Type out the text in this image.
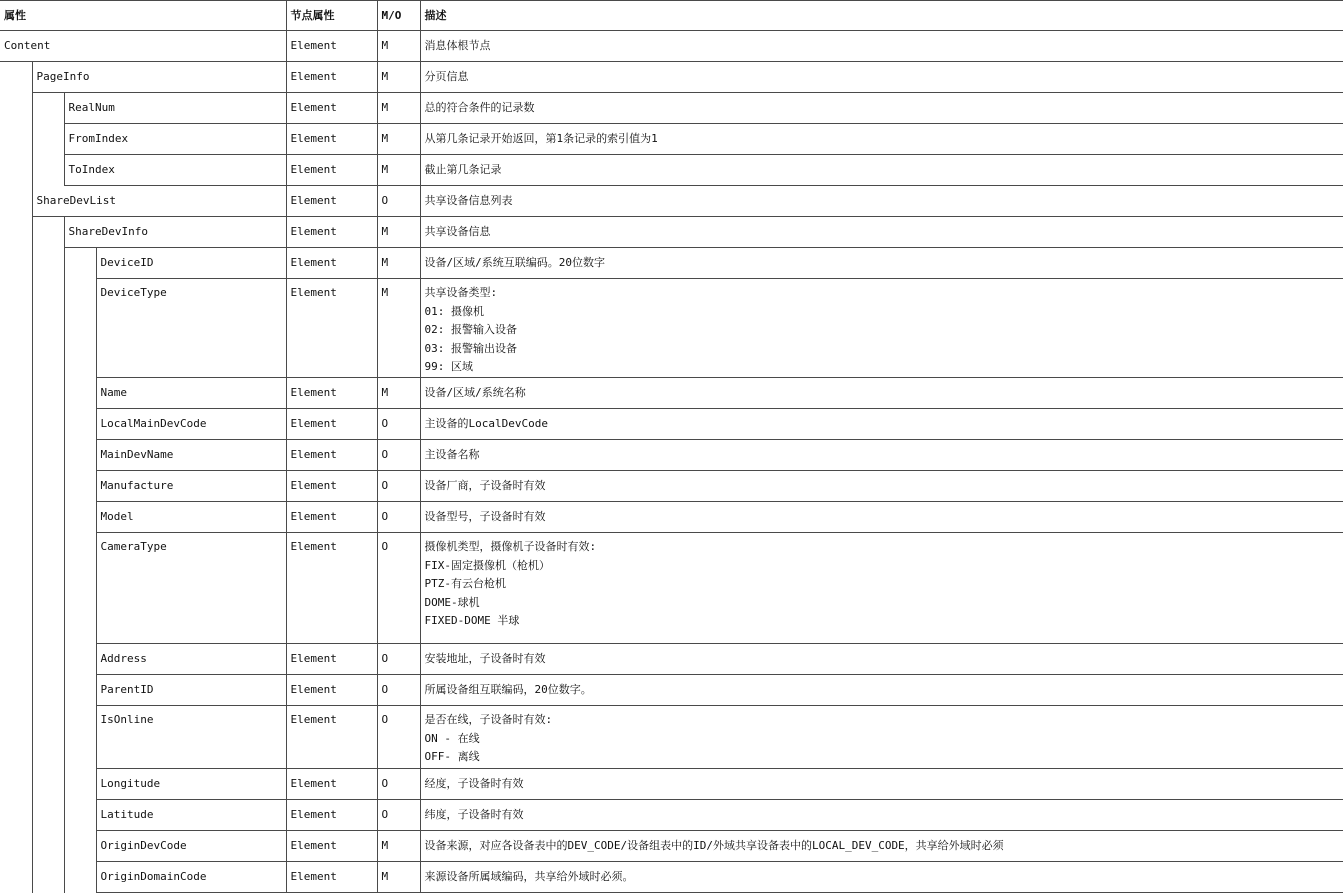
属性				节点属性	M/O	描述
Content				Element	M	消息体根节点

	PageInfo			Element	M	分页信息

		RealNum		Element	M	总的符合条件的记录数

		FromIndex		Element	M	从第几条记录开始返回，第1条记录的索引值为1

		ToIndex		Element	M	截止第几条记录

	ShareDevList			Element	O	共享设备信息列表

		ShareDevInfo		Element	M	共享设备信息

			DeviceID	Element	M	设备/区域/系统互联编码。20位数字

			DeviceType	Element	M	共享设备类型:
01: 摄像机
02: 报警输入设备
03: 报警输出设备
99: 区域

			Name	Element	M	设备/区域/系统名称

			LocalMainDevCode	Element	O	主设备的LocalDevCode

			MainDevName	Element	O	主设备名称

			Manufacture	Element	O	设备厂商，子设备时有效

			Model	Element	O	设备型号，子设备时有效

			CameraType	Element	O	摄像机类型，摄像机子设备时有效:
FIX-固定摄像机（枪机）
PTZ-有云台枪机
DOME-球机
FIXED-DOME 半球

			Address	Element	O	安装地址，子设备时有效

			ParentID	Element	O	所属设备组互联编码，20位数字。

			IsOnline	Element	O	是否在线，子设备时有效:
ON - 在线
OFF- 离线

			Longitude	Element	O	经度，子设备时有效

			Latitude	Element	O	纬度，子设备时有效

			OriginDevCode	Element	M	设备来源，对应各设备表中的DEV_CODE/设备组表中的ID/外域共享设备表中的LOCAL_DEV_CODE，共享给外域时必须

			OriginDomainCode	Element	M	来源设备所属域编码，共享给外域时必须。
